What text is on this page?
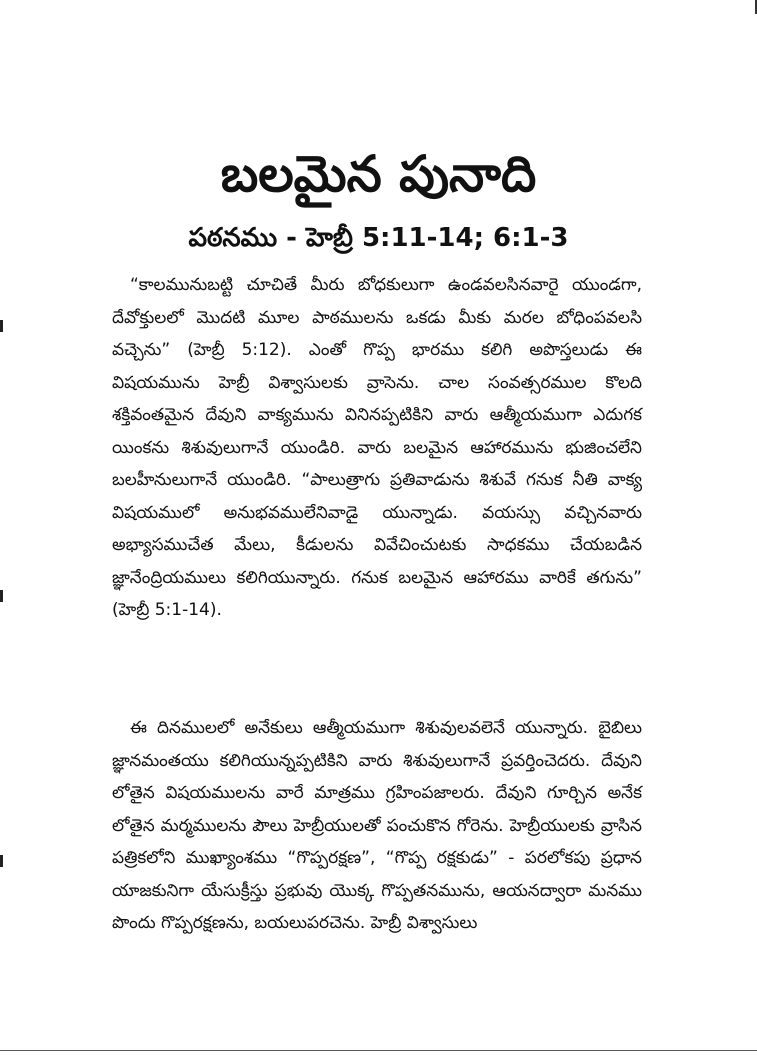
బలమైన పునాది
పఠనము - హెబ్రీ 5:11-14; 6:1-3

“కాలమునుబట్టి చూచితే మీరు బోధకులుగా ఉండవలసినవారై యుండగా, దేవోక్తులలో మొదటి మూల పాఠములను ఒకడు మీకు మరల బోధింపవలసి వచ్చెను” (హెబ్రీ 5:12). ఎంతో గొప్ప భారము కలిగి అపొస్తలుడు ఈ విషయమును హెబ్రీ విశ్వాసులకు వ్రాసెను. చాల సంవత్సరముల కొలది శక్తివంతమైన దేవుని వాక్యమును వినినప్పటికిని వారు ఆత్మీయముగా ఎదుగక యింకను శిశువులుగానే యుండిరి. వారు బలమైన ఆహారమును భుజించలేని బలహీనులుగానే యుండిరి. “పాలుత్రాగు ప్రతివాడును శిశువే గనుక నీతి వాక్య విషయములో అనుభవములేనివాడై యున్నాడు. వయస్సు వచ్చినవారు అభ్యాసముచేత మేలు, కీడులను వివేచించుటకు సాధకము చేయబడిన జ్ఞానేంద్రియములు కలిగియున్నారు. గనుక బలమైన ఆహారము వారికే తగును” (హెబ్రీ 5:1-14).

ఈ దినములలో అనేకులు ఆత్మీయముగా శిశువులవలెనే యున్నారు. బైబిలు జ్ఞానమంతయు కలిగియున్నప్పటికిని వారు శిశువులుగానే ప్రవర్తించెదరు. దేవుని లోతైన విషయములను వారే మాత్రము గ్రహింపజాలరు. దేవుని గూర్చిన అనేక లోతైన మర్మములను పౌలు హెబ్రీయులతో పంచుకొన గోరెను. హెబ్రీయులకు వ్రాసిన పత్రికలోని ముఖ్యాంశము “గొప్పరక్షణ”, “గొప్ప రక్షకుడు” - పరలోకపు ప్రధాన యాజకునిగా యేసుక్రీస్తు ప్రభువు యొక్క గొప్పతనమును, ఆయనద్వారా మనము పొందు గొప్పరక్షణను, బయలుపరచెను. హెబ్రీ విశ్వాసులు
